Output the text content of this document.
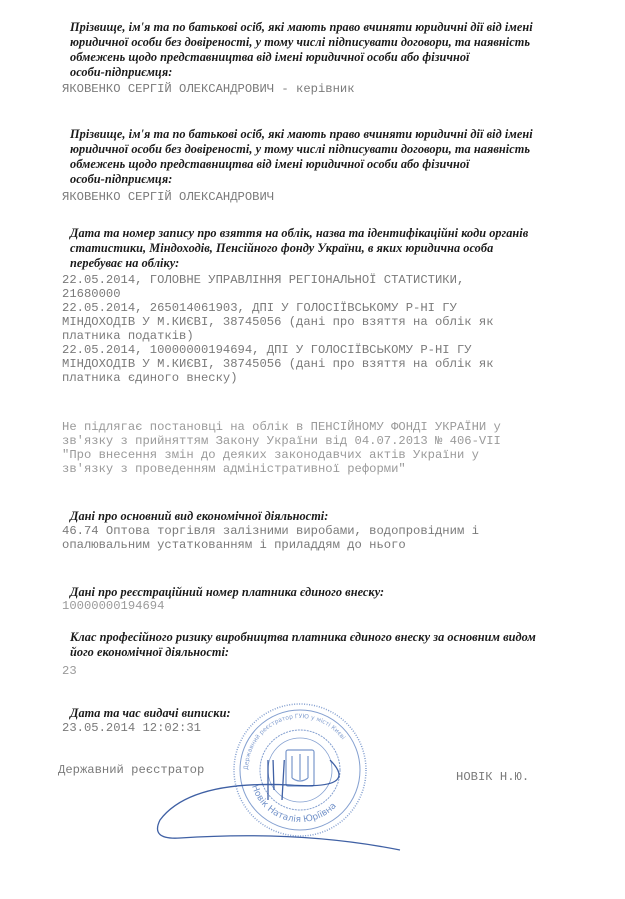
Прізвище, ім'я та по батькові осіб, які мають право вчиняти юридичні дії від імені
юридичної особи без довіреності, у тому числі підписувати договори, та наявність
обмежень щодо представництва від імені юридичної особи або фізичної
особи-підприємця:
ЯКОВЕНКО СЕРГІЙ ОЛЕКСАНДРОВИЧ - керівник
Прізвище, ім'я та по батькові осіб, які мають право вчиняти юридичні дії від імені
юридичної особи без довіреності, у тому числі підписувати договори, та наявність
обмежень щодо представництва від імені юридичної особи або фізичної
особи-підприємця:
ЯКОВЕНКО СЕРГІЙ ОЛЕКСАНДРОВИЧ
Дата та номер запису про взяття на облік, назва та ідентифікаційні коди органів
статистики, Міндоходів, Пенсійного фонду України, в яких юридична особа
перебуває на обліку:
22.05.2014, ГОЛОВНЕ УПРАВЛІННЯ РЕГІОНАЛЬНОЇ СТАТИСТИКИ,
21680000
22.05.2014, 265014061903, ДПІ У ГОЛОСІЇВСЬКОМУ Р-НІ ГУ
МІНДОХОДІВ У М.КИЄВІ, 38745056 (дані про взяття на облік як
платника податків)
22.05.2014, 10000000194694, ДПІ У ГОЛОСІЇВСЬКОМУ Р-НІ ГУ
МІНДОХОДІВ У М.КИЄВІ, 38745056 (дані про взяття на облік як
платника єдиного внеску)
Не підлягає постановці на облік в ПЕНСІЙНОМУ ФОНДІ УКРАЇНИ у
зв'язку з прийняттям Закону України від 04.07.2013 № 406-VII
"Про внесення змін до деяких законодавчих актів України у
зв'язку з проведенням адміністративної реформи"
Дані про основний вид економічної діяльності:
46.74 Оптова торгівля залізними виробами, водопровідним і
опалювальним устаткованням і приладдям до нього
Дані про реєстраційний номер платника єдиного внеску:
10000000194694
Клас професійного ризику виробництва платника єдиного внеску за основним видом
його економічної діяльності:
23
Дата та час видачі виписки:
23.05.2014 12:02:31
Державний реєстратор	НОВІК Н.Ю.
Державний реєстратор ГУЮ у місті Києві
Новік Наталія Юріївна
